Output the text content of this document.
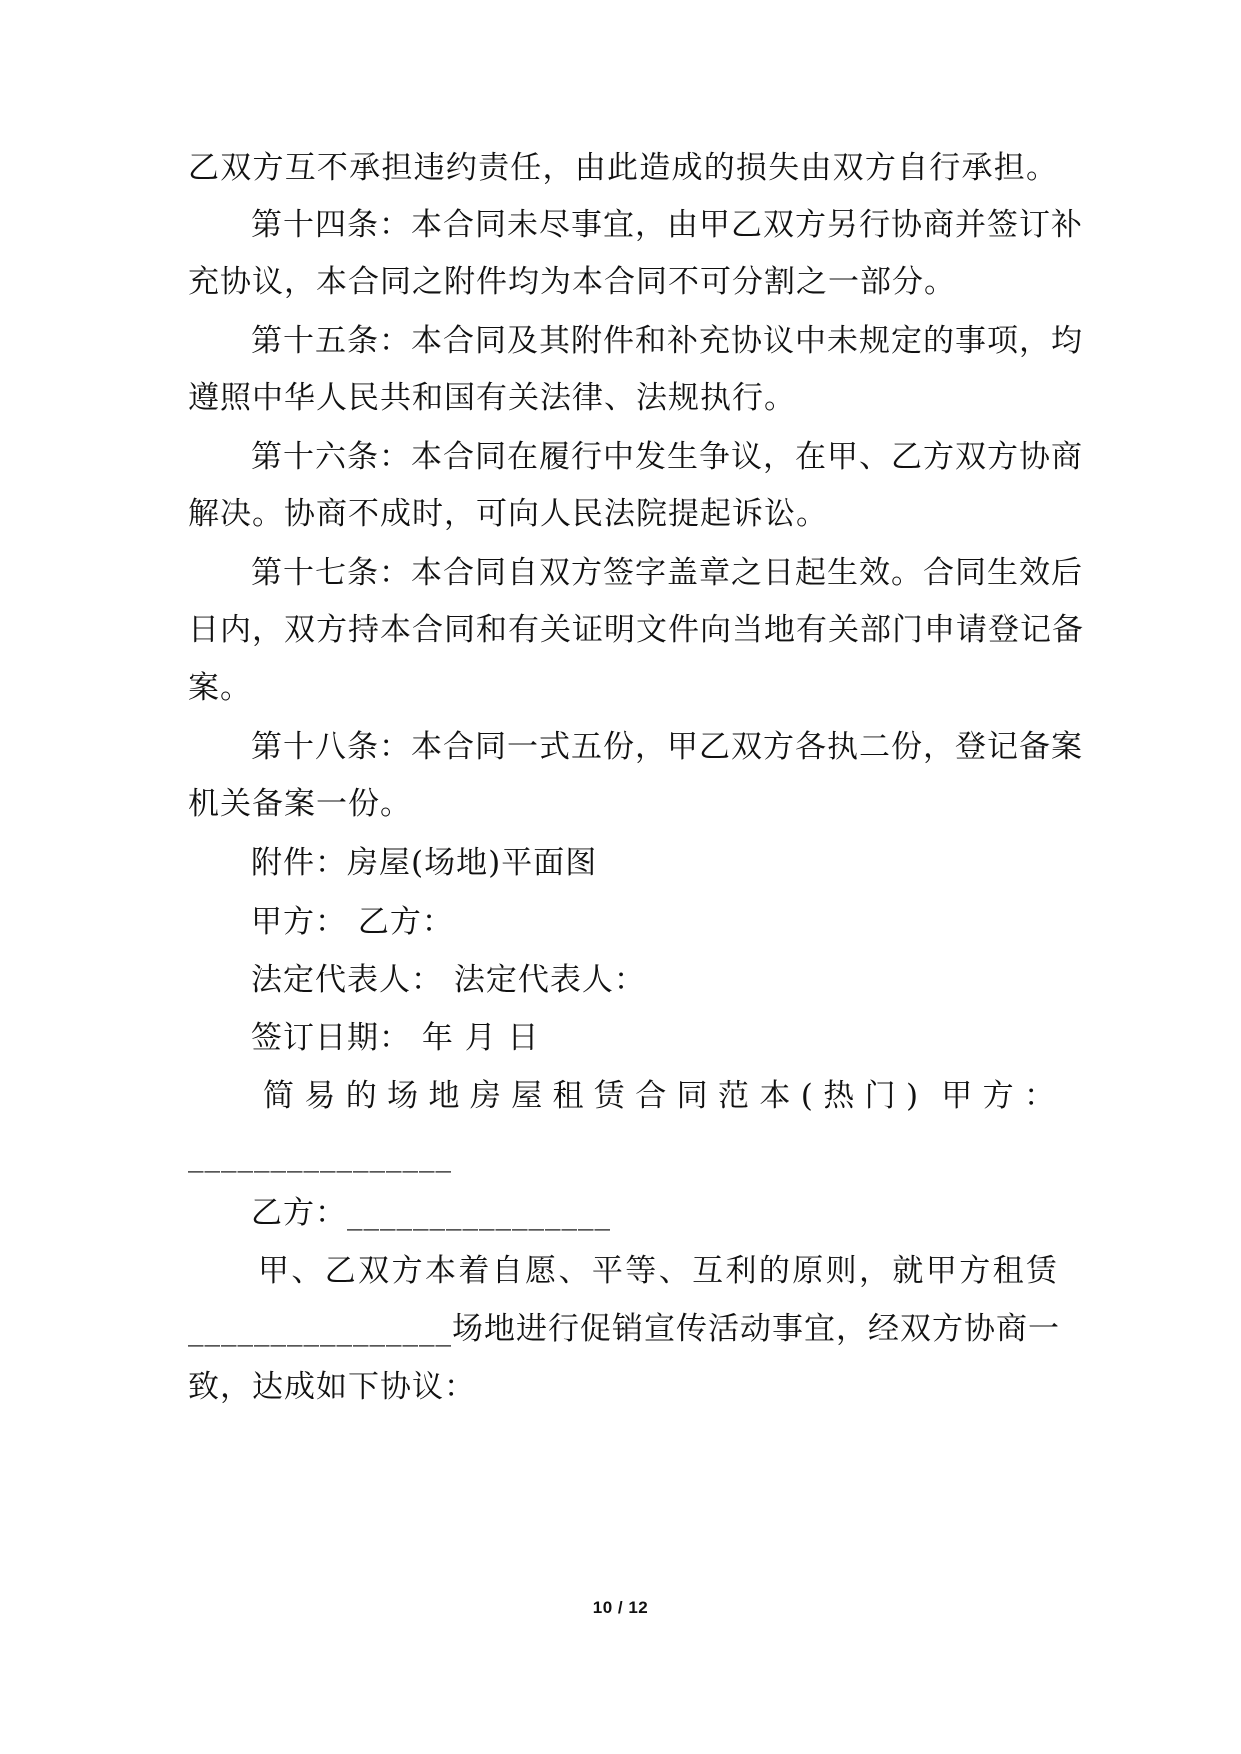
乙双方互不承担违约责任，由此造成的损失由双方自行承担。
第十四条：本合同未尽事宜，由甲乙双方另行协商并签订补
充协议，本合同之附件均为本合同不可分割之一部分。
第十五条：本合同及其附件和补充协议中未规定的事项，均
遵照中华人民共和国有关法律、法规执行。
第十六条：本合同在履行中发生争议，在甲、乙方双方协商
解决。协商不成时，可向人民法院提起诉讼。
第十七条：本合同自双方签字盖章之日起生效。合同生效后
日内，双方持本合同和有关证明文件向当地有关部门申请登记备
案。
第十八条：本合同一式五份，甲乙双方各执二份，登记备案
机关备案一份。
附件：房屋(场地)平面图
甲方： 乙方：
法定代表人： 法定代表人：
签订日期： 年 月 日
简易的场地房屋租赁合同范本(热门) 甲方：
________________
乙方：________________
甲、乙双方本着自愿、平等、互利的原则，就甲方租赁
________________场地进行促销宣传活动事宜，经双方协商一
致，达成如下协议：
10 / 12
